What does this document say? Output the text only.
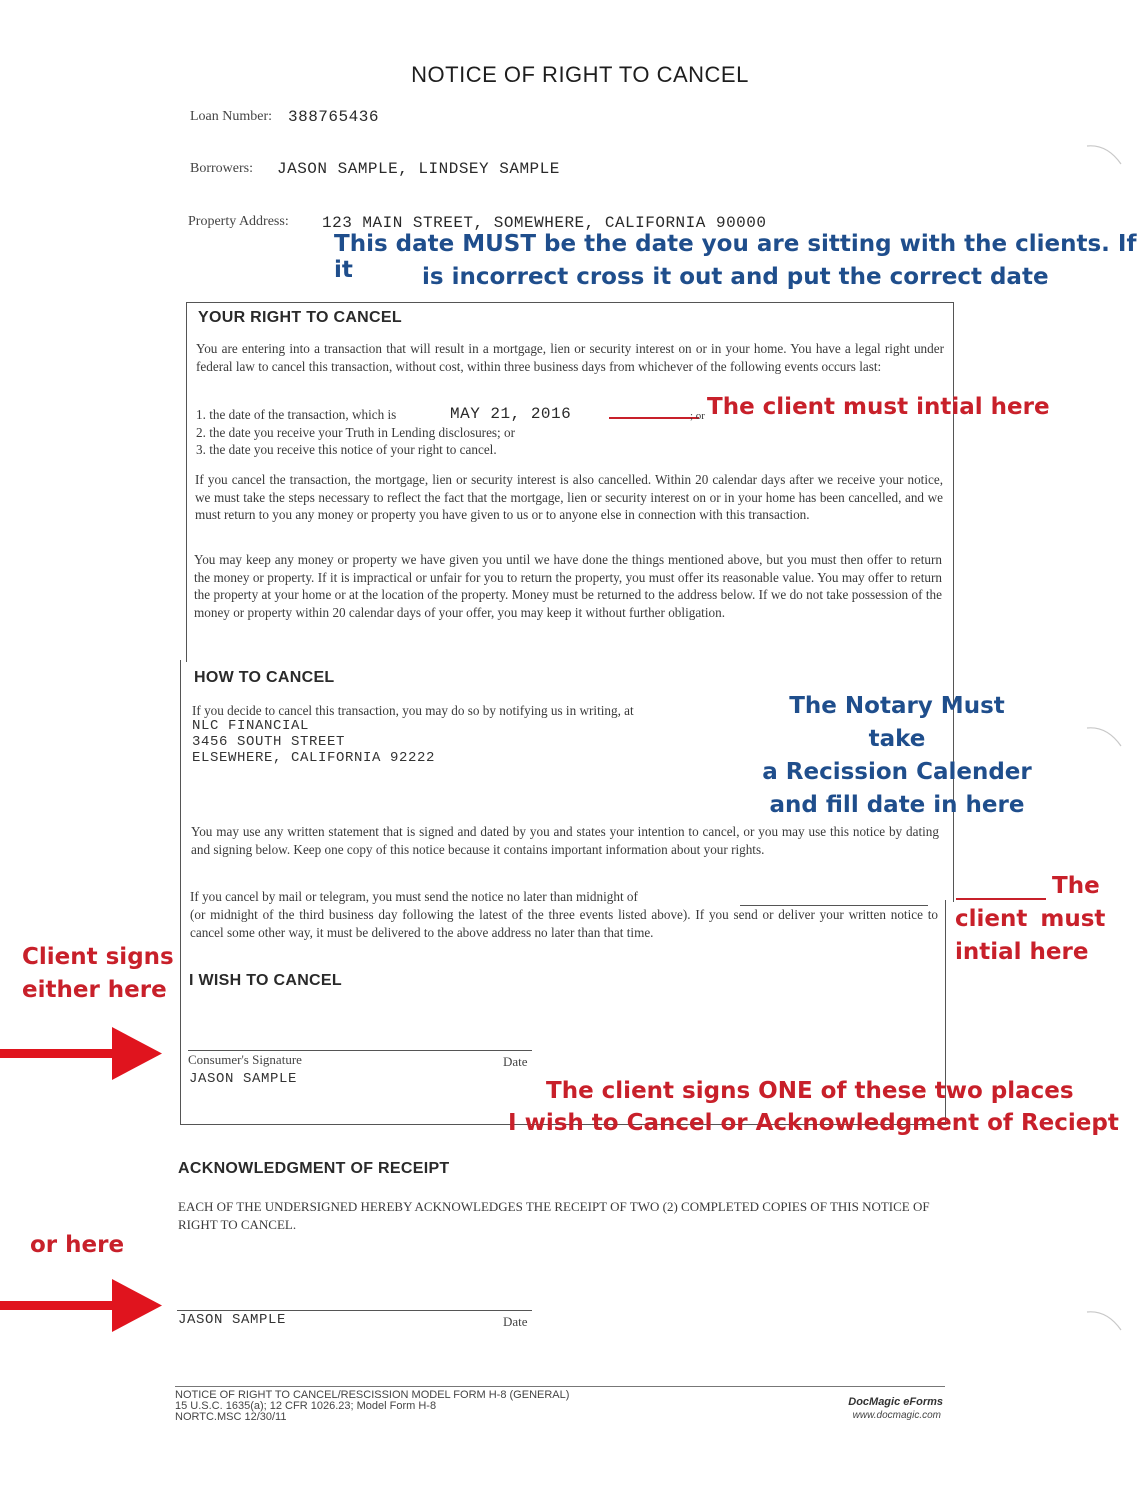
NOTICE OF RIGHT TO CANCEL
Loan Number: 388765436
Borrowers: JASON SAMPLE, LINDSEY SAMPLE
Property Address: 123 MAIN STREET, SOMEWHERE, CALIFORNIA 90000
This date MUST be the date you are sitting with the clients. If it	is incorrect cross it out and put the correct date
YOUR RIGHT TO CANCEL
You are entering into a transaction that will result in a mortgage, lien or security interest on or in your home. You have a legal right under federal law to cancel this transaction, without cost, within three business days from whichever of the following events occurs last:
1. the date of the transaction, which is	MAY 21, 2016	; or The client must intial here
2. the date you receive your Truth in Lending disclosures; or
3. the date you receive this notice of your right to cancel.
If you cancel the transaction, the mortgage, lien or security interest is also cancelled. Within 20 calendar days after we receive your notice, we must take the steps necessary to reflect the fact that the mortgage, lien or security interest on or in your home has been cancelled, and we must return to you any money or property you have given to us or to anyone else in connection with this transaction.
You may keep any money or property we have given you until we have done the things mentioned above, but you must then offer to return the money or property. If it is impractical or unfair for you to return the property, you must offer its reasonable value. You may offer to return the property at your home or at the location of the property. Money must be returned to the address below. If we do not take possession of the money or property within 20 calendar days of your offer, you may keep it without further obligation.
HOW TO CANCEL
If you decide to cancel this transaction, you may do so by notifying us in writing, at
NLC FINANCIAL
3456 SOUTH STREET
ELSEWHERE, CALIFORNIA 92222
The Notary Must take
a Recission Calender
and fill date in here
You may use any written statement that is signed and dated by you and states your intention to cancel, or you may use this notice by dating and signing below. Keep one copy of this notice because it contains important information about your rights.
If you cancel by mail or telegram, you must send the notice no later than midnight of
(or midnight of the third business day following the latest of the three events listed above). If you send or deliver your written notice to cancel some other way, it must be delivered to the above address no later than that time.
The
client must
intial here
Client signs
either here	I WISH TO CANCEL
Consumer's Signature	Date
JASON SAMPLE	The client signs ONE of these two places
I wish to Cancel or Acknowledgment of Reciept
ACKNOWLEDGMENT OF RECEIPT
EACH OF THE UNDERSIGNED HEREBY ACKNOWLEDGES THE RECEIPT OF TWO (2) COMPLETED COPIES OF THIS NOTICE OF RIGHT TO CANCEL.
or here
JASON SAMPLE	Date
NOTICE OF RIGHT TO CANCEL/RESCISSION MODEL FORM H-8 (GENERAL)
15 U.S.C. 1635(a); 12 CFR 1026.23; Model Form H-8
NORTC.MSC 12/30/11
DocMagic eForms
www.docmagic.com
